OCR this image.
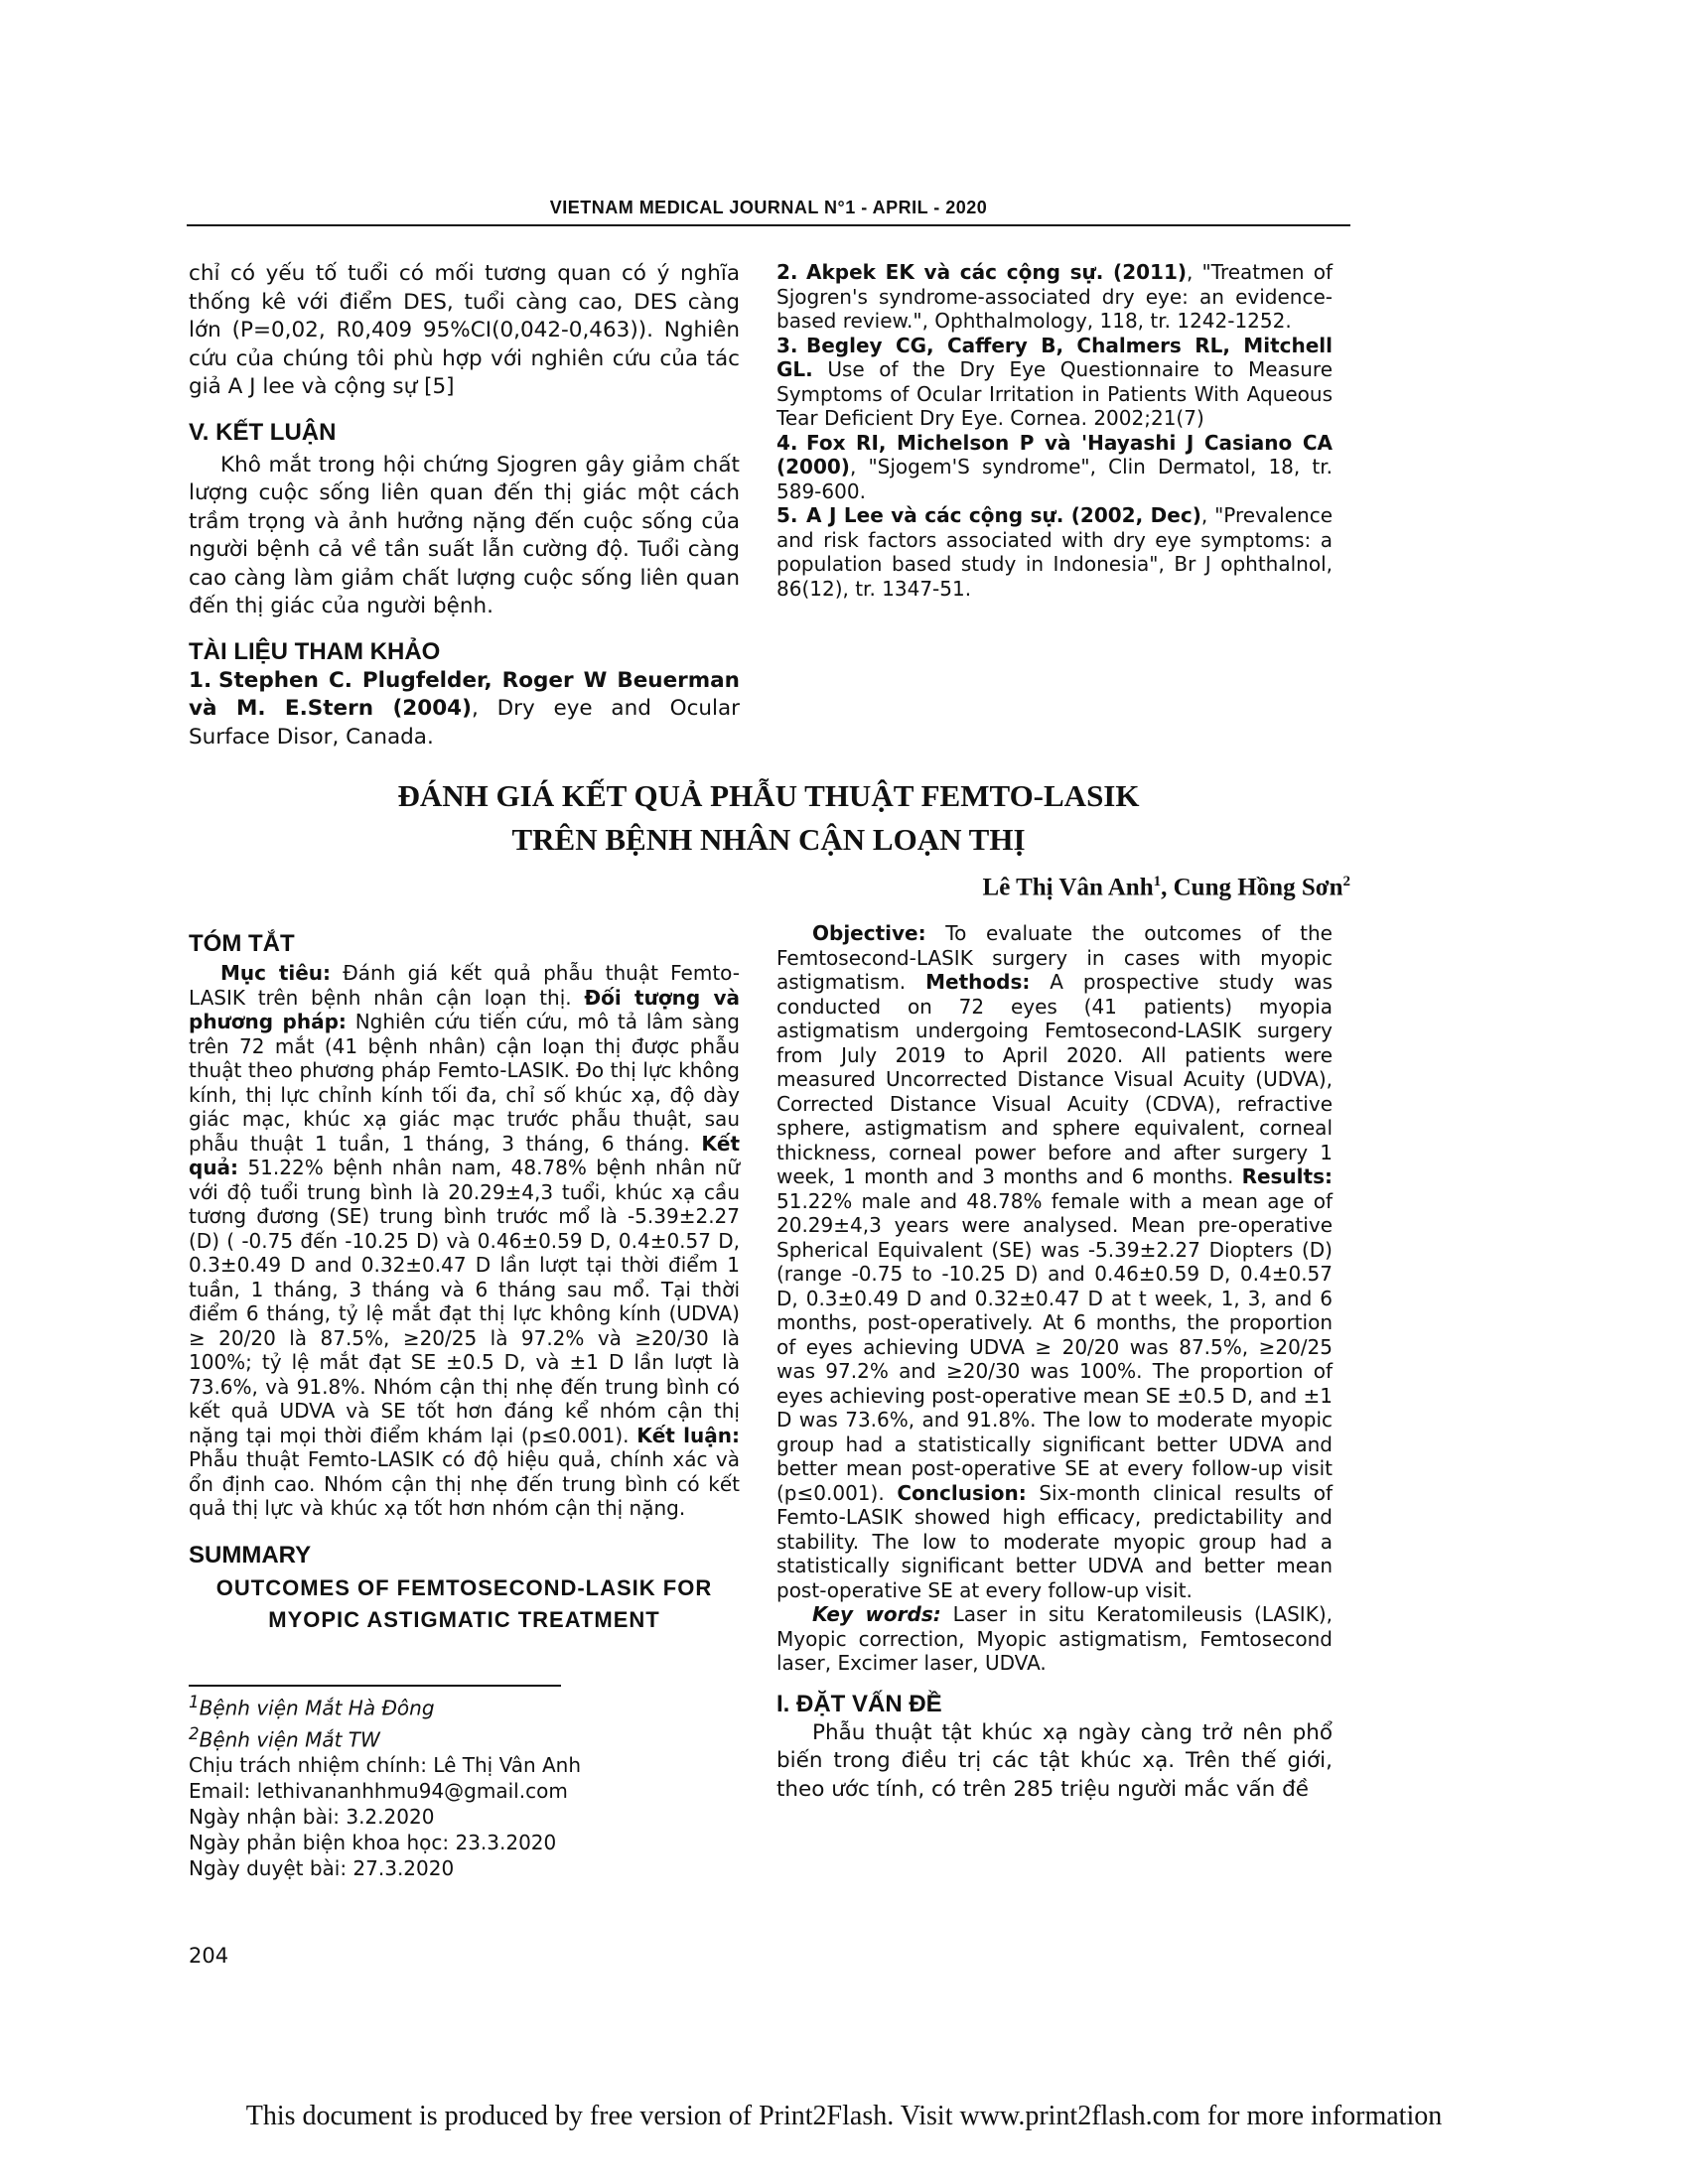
VIETNAM MEDICAL JOURNAL N°1 - APRIL - 2020

chỉ có yếu tố tuổi có mối tương quan có ý nghĩa thống kê với điểm DES, tuổi càng cao, DES càng lớn (P=0,02, R0,409 95%CI(0,042-0,463)). Nghiên cứu của chúng tôi phù hợp với nghiên cứu của tác giả A J lee và cộng sự [5]

V. KẾT LUẬN

Khô mắt trong hội chứng Sjogren gây giảm chất lượng cuộc sống liên quan đến thị giác một cách trầm trọng và ảnh hưởng nặng đến cuộc sống của người bệnh cả về tần suất lẫn cường độ. Tuổi càng cao càng làm giảm chất lượng cuộc sống liên quan đến thị giác của người bệnh.

TÀI LIỆU THAM KHẢO

1. Stephen C. Plugfelder, Roger W Beuerman và M. E.Stern (2004), Dry eye and Ocular Surface Disor, Canada.

2. Akpek EK và các cộng sự. (2011), "Treatmen of Sjogren's syndrome-associated dry eye: an evidence-based review.", Ophthalmology, 118, tr. 1242-1252.

3. Begley CG, Caffery B, Chalmers RL, Mitchell GL. Use of the Dry Eye Questionnaire to Measure Symptoms of Ocular Irritation in Patients With Aqueous Tear Deficient Dry Eye. Cornea. 2002;21(7)

4. Fox RI, Michelson P và 'Hayashi J Casiano CA (2000), "Sjogem'S syndrome", Clin Dermatol, 18, tr. 589-600.

5. A J Lee và các cộng sự. (2002, Dec), "Prevalence and risk factors associated with dry eye symptoms: a population based study in Indonesia", Br J ophthalnol, 86(12), tr. 1347-51.

ĐÁNH GIÁ KẾT QUẢ PHẪU THUẬT FEMTO-LASIK
TRÊN BỆNH NHÂN CẬN LOẠN THỊ
Lê Thị Vân Anh$^1$, Cung Hồng Sơn$^2$

TÓM TẮT

Mục tiêu: Đánh giá kết quả phẫu thuật Femto-LASIK trên bệnh nhân cận loạn thị. Đối tượng và phương pháp: Nghiên cứu tiến cứu, mô tả lâm sàng trên 72 mắt (41 bệnh nhân) cận loạn thị được phẫu thuật theo phương pháp Femto-LASIK. Đo thị lực không kính, thị lực chỉnh kính tối đa, chỉ số khúc xạ, độ dày giác mạc, khúc xạ giác mạc trước phẫu thuật, sau phẫu thuật 1 tuần, 1 tháng, 3 tháng, 6 tháng. Kết quả: 51.22% bệnh nhân nam, 48.78% bệnh nhân nữ với độ tuổi trung bình là 20.29±4,3 tuổi, khúc xạ cầu tương đương (SE) trung bình trước mổ là -5.39±2.27 (D) ( -0.75 đến -10.25 D) và 0.46±0.59 D, 0.4±0.57 D, 0.3±0.49 D and 0.32±0.47 D lần lượt tại thời điểm 1 tuần, 1 tháng, 3 tháng và 6 tháng sau mổ. Tại thời điểm 6 tháng, tỷ lệ mắt đạt thị lực không kính (UDVA) ≥ 20/20 là 87.5%, ≥20/25 là 97.2% và ≥20/30 là 100%; tỷ lệ mắt đạt SE ±0.5 D, và ±1 D lần lượt là 73.6%, và 91.8%. Nhóm cận thị nhẹ đến trung bình có kết quả UDVA và SE tốt hơn đáng kể nhóm cận thị nặng tại mọi thời điểm khám lại (p≤0.001). Kết luận: Phẫu thuật Femto-LASIK có độ hiệu quả, chính xác và ổn định cao. Nhóm cận thị nhẹ đến trung bình có kết quả thị lực và khúc xạ tốt hơn nhóm cận thị nặng.

SUMMARY

OUTCOMES OF FEMTOSECOND-LASIK FOR

MYOPIC ASTIGMATIC TREATMENT

$^1$Bệnh viện Mắt Hà Đông
$^2$Bệnh viện Mắt TW
Chịu trách nhiệm chính: Lê Thị Vân Anh
Email: lethivananhhmu94@gmail.com
Ngày nhận bài: 3.2.2020
Ngày phản biện khoa học: 23.3.2020
Ngày duyệt bài: 27.3.2020

Objective: To evaluate the outcomes of the Femtosecond-LASIK surgery in cases with myopic astigmatism. Methods: A prospective study was conducted on 72 eyes (41 patients) myopia astigmatism undergoing Femtosecond-LASIK surgery from July 2019 to April 2020. All patients were measured Uncorrected Distance Visual Acuity (UDVA), Corrected Distance Visual Acuity (CDVA), refractive sphere, astigmatism and sphere equivalent, corneal thickness, corneal power before and after surgery 1 week, 1 month and 3 months and 6 months. Results: 51.22% male and 48.78% female with a mean age of 20.29±4,3 years were analysed. Mean pre-operative Spherical Equivalent (SE) was -5.39±2.27 Diopters (D) (range -0.75 to -10.25 D) and 0.46±0.59 D, 0.4±0.57 D, 0.3±0.49 D and 0.32±0.47 D at t week, 1, 3, and 6 months, post-operatively. At 6 months, the proportion of eyes achieving UDVA ≥ 20/20 was 87.5%, ≥20/25 was 97.2% and ≥20/30 was 100%. The proportion of eyes achieving post-operative mean SE ±0.5 D, and ±1 D was 73.6%, and 91.8%. The low to moderate myopic group had a statistically significant better UDVA and better mean post-operative SE at every follow-up visit (p≤0.001). Conclusion: Six-month clinical results of Femto-LASIK showed high efficacy, predictability and stability. The low to moderate myopic group had a statistically significant better UDVA and better mean post-operative SE at every follow-up visit.

Key words: Laser in situ Keratomileusis (LASIK), Myopic correction, Myopic astigmatism, Femtosecond laser, Excimer laser, UDVA.

I. ĐẶT VẤN ĐỀ

Phẫu thuật tật khúc xạ ngày càng trở nên phổ biến trong điều trị các tật khúc xạ. Trên thế giới, theo ước tính, có trên 285 triệu người mắc vấn đề

204
This document is produced by free version of Print2Flash. Visit www.print2flash.com for more information
